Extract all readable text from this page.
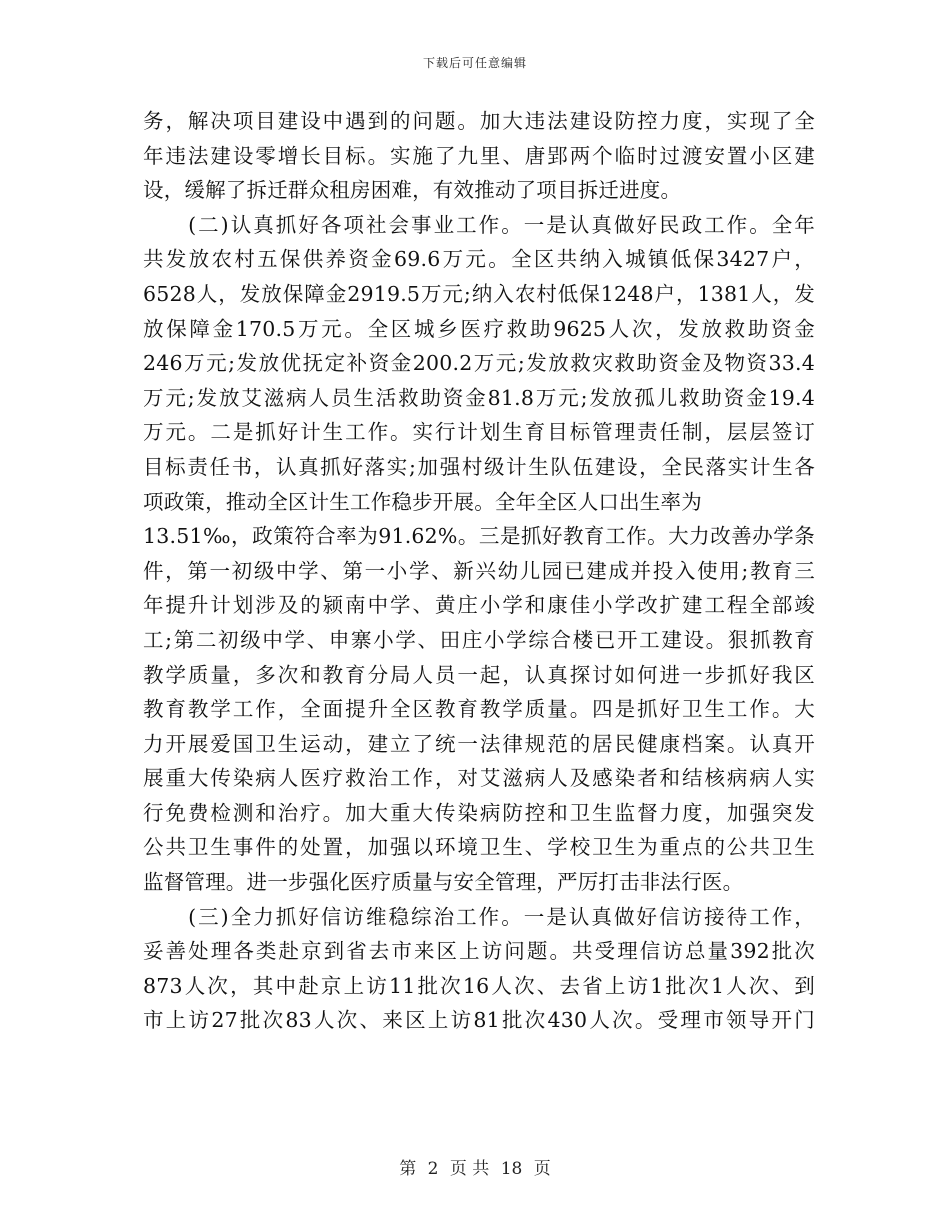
下载后可任意编辑
务，解决项目建设中遇到的问题。加大违法建设防控力度，实现了全
年违法建设零增长目标。实施了九里、唐郢两个临时过渡安置小区建
设，缓解了拆迁群众租房困难，有效推动了项目拆迁进度。
　　(二)认真抓好各项社会事业工作。一是认真做好民政工作。全年
共发放农村五保供养资金69.6万元。全区共纳入城镇低保3427户，
6528人，发放保障金2919.5万元;纳入农村低保1248户，1381人，发
放保障金170.5万元。全区城乡医疗救助9625人次，发放救助资金
246万元;发放优抚定补资金200.2万元;发放救灾救助资金及物资33.4
万元;发放艾滋病人员生活救助资金81.8万元;发放孤儿救助资金19.4
万元。二是抓好计生工作。实行计划生育目标管理责任制，层层签订
目标责任书，认真抓好落实;加强村级计生队伍建设，全民落实计生各
项政策，推动全区计生工作稳步开展。全年全区人口出生率为
13.51‰，政策符合率为91.62%。三是抓好教育工作。大力改善办学条
件，第一初级中学、第一小学、新兴幼儿园已建成并投入使用;教育三
年提升计划涉及的颍南中学、黄庄小学和康佳小学改扩建工程全部竣
工;第二初级中学、申寨小学、田庄小学综合楼已开工建设。狠抓教育
教学质量，多次和教育分局人员一起，认真探讨如何进一步抓好我区
教育教学工作，全面提升全区教育教学质量。四是抓好卫生工作。大
力开展爱国卫生运动，建立了统一法律规范的居民健康档案。认真开
展重大传染病人医疗救治工作，对艾滋病人及感染者和结核病病人实
行免费检测和治疗。加大重大传染病防控和卫生监督力度，加强突发
公共卫生事件的处置，加强以环境卫生、学校卫生为重点的公共卫生
监督管理。进一步强化医疗质量与安全管理，严厉打击非法行医。
　　(三)全力抓好信访维稳综治工作。一是认真做好信访接待工作，
妥善处理各类赴京到省去市来区上访问题。共受理信访总量392批次
873人次，其中赴京上访11批次16人次、去省上访1批次1人次、到
市上访27批次83人次、来区上访81批次430人次。受理市领导开门
第 2 页 共 18 页
